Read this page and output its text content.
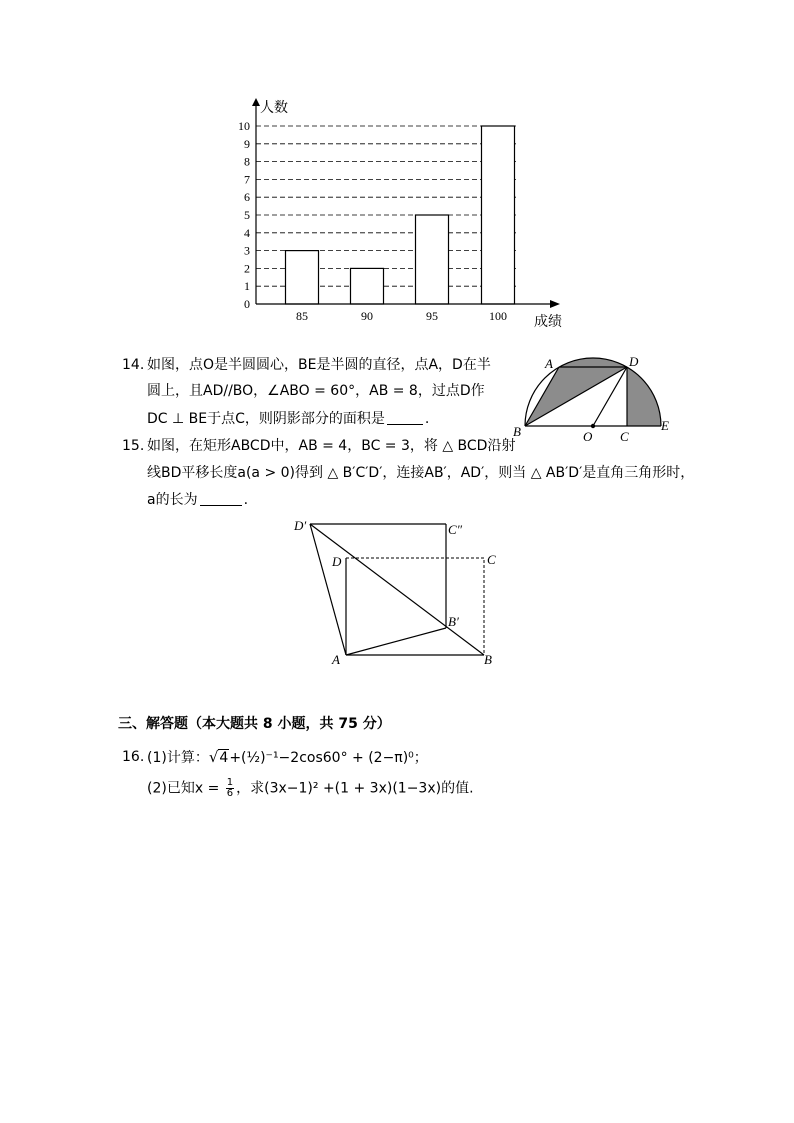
0
1
2
3
4
5
6
7
8
9
10
85	90	95	100
人数
成绩
14. 如图，点O是半圆圆心，BE是半圆的直径，点A，D在半
圆上，且AD//BO，∠ABO = 60°，AB = 8，过点D作
DC ⊥ BE于点C，则阴影部分的面积是	.
A	D
B	O C
E
15. 如图，在矩形ABCD中，AB = 4，BC = 3，将 △ BCD沿射
线BD平移长度a(a > 0)得到 △ B′C′D′，连接AB′，AD′，则当 △ AB′D′是直角三角形时，
a的长为	.
D′	C″
D	C
B′
A	B
三、解答题（本大题共 8 小题，共 75 分）
16. (1)计算：√4+(½)⁻¹−2cos60° + (2−π)⁰；
(2)已知$x = \frac{1}{6}$ ，求(3x−1)² +(1 + 3x)(1−3x)的值.
